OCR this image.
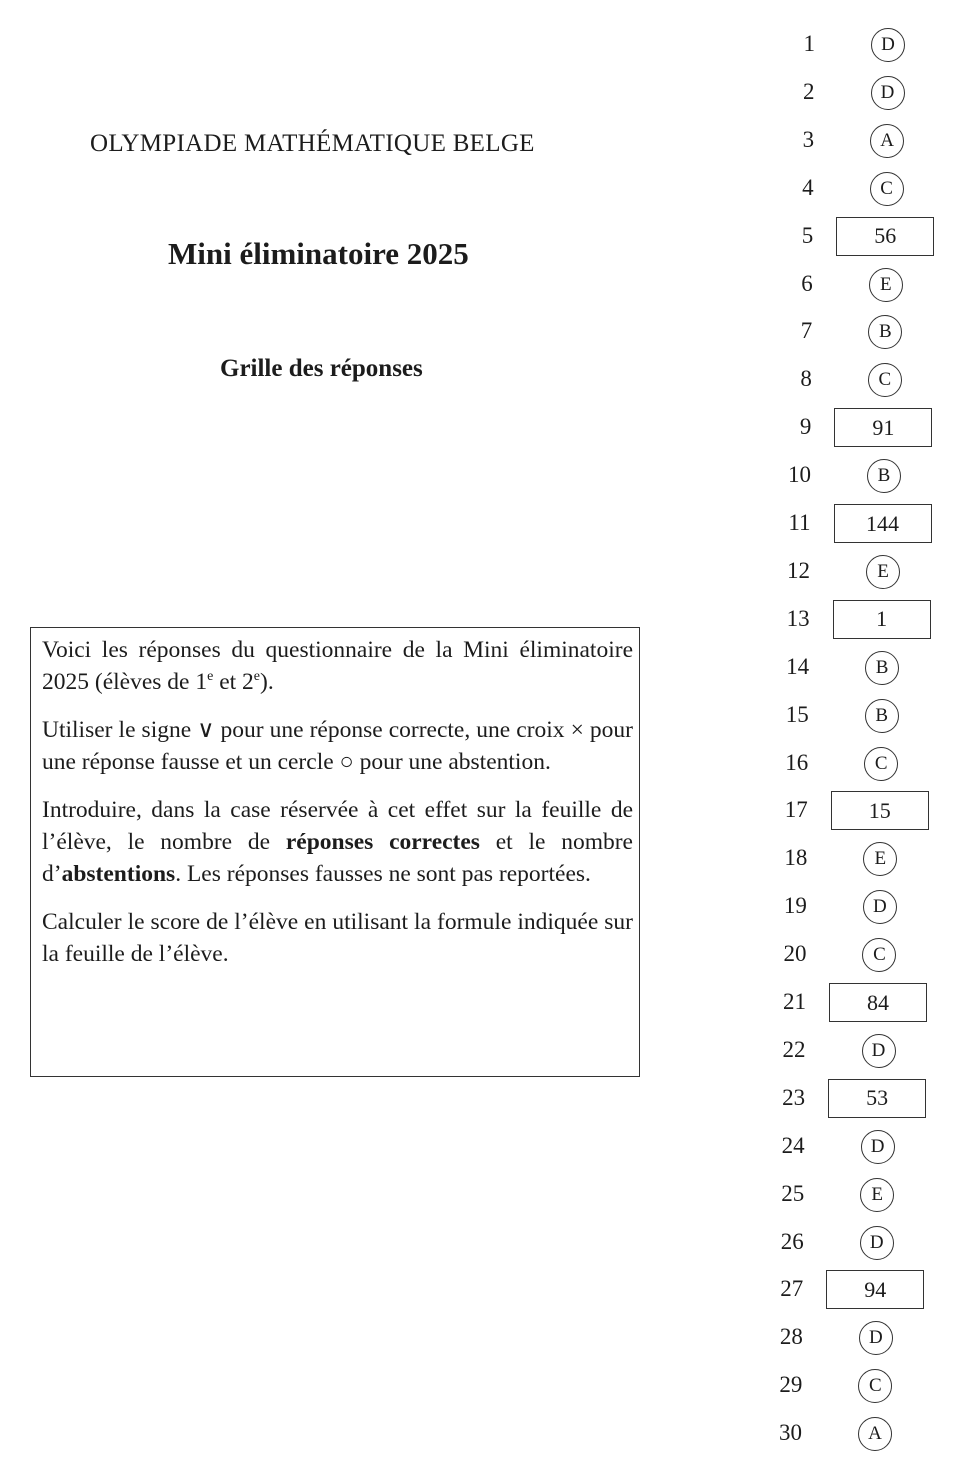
OLYMPIADE MATHÉMATIQUE BELGE
Mini éliminatoire 2025
Grille des réponses

Voici les réponses du questionnaire de la Mini éliminatoire 2025 (élèves de 1e et 2e).

Utiliser le signe ∨ pour une réponse correcte, une croix × pour une réponse fausse et un cercle ○ pour une abstention.

Introduire, dans la case réservée à cet effet sur la feuille de l’élève, le nombre de réponses correctes et le nombre d’abstentions. Les réponses fausses ne sont pas reportées.

Calculer le score de l’élève en utilisant la formule indiquée sur la feuille de l’élève.

1	D
2	D
3	A
4	C
5	56
6	E
7	B
8	C
9	91
10	B
11	144
12	E
13	1
14	B
15	B
16	C
17	15
18	E
19	D
20	C
21	84
22	D
23	53
24	D
25	E
26	D
27	94
28	D
29	C
30	A
